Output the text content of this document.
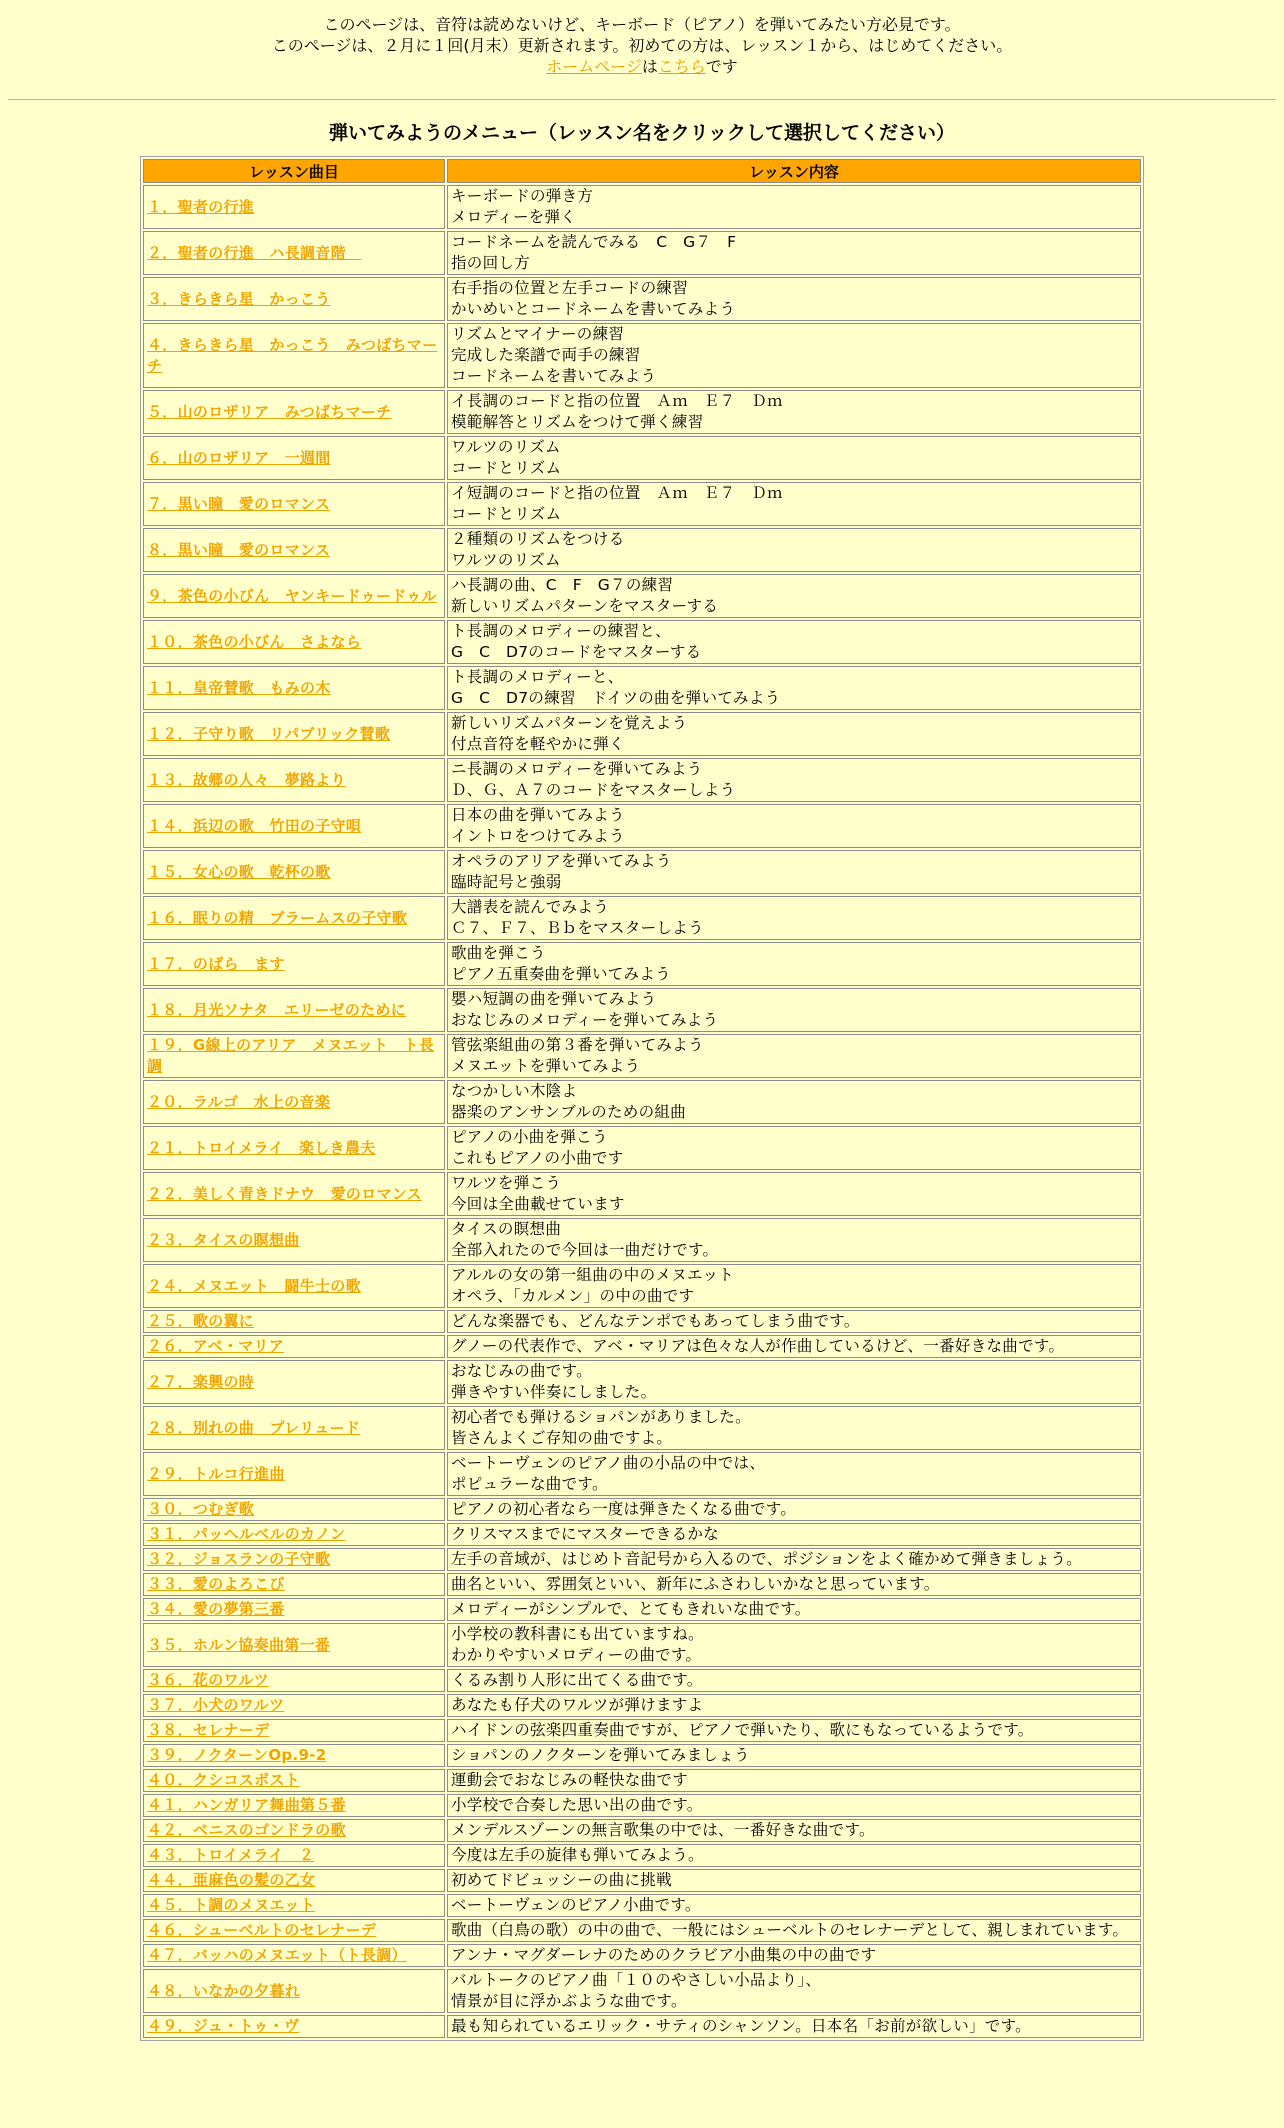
このページは、音符は読めないけど、キーボード（ピアノ）を弾いてみたい方必見です。
このページは、２月に１回(月末）更新されます。初めての方は、レッスン１から、はじめてください。
ホームページはこちらです
弾いてみようのメニュー（レッスン名をクリックして選択してください）
レッスン曲目	レッスン内容
１．聖者の行進	キーボードの弾き方
メロディーを弾く

２．聖者の行進　ハ長調音階　	コードネームを読んでみる　C　G７　F
指の回し方

３．きらきら星　かっこう	右手指の位置と左手コードの練習
かいめいとコードネームを書いてみよう

４．きらきら星　かっこう　みつばちマーチ	リズムとマイナーの練習
完成した楽譜で両手の練習
コードネームを書いてみよう

５．山のロザリア　みつばちマーチ	イ長調のコードと指の位置　Ａｍ　Ｅ７　Ｄｍ
模範解答とリズムをつけて弾く練習

６．山のロザリア　一週間	ワルツのリズム
コードとリズム

７．黒い瞳　愛のロマンス	イ短調のコードと指の位置　Ａｍ　Ｅ７　Ｄｍ
コードとリズム

８．黒い瞳　愛のロマンス	２種類のリズムをつける
ワルツのリズム

９．茶色の小びん　ヤンキードゥードゥル	ハ長調の曲、C　F　G７の練習
新しいリズムパターンをマスターする

１０．茶色の小びん　さよなら	ト長調のメロディーの練習と、
G　C　D7のコードをマスターする

１１．皇帝賛歌　もみの木	ト長調のメロディーと、
G　C　D7の練習　ドイツの曲を弾いてみよう

１２．子守り歌　リパブリック賛歌	新しいリズムパターンを覚えよう
付点音符を軽やかに弾く

１３．故郷の人々　夢路より	ニ長調のメロディーを弾いてみよう
Ｄ、Ｇ、Ａ７のコードをマスターしよう

１４．浜辺の歌　竹田の子守唄	日本の曲を弾いてみよう
イントロをつけてみよう

１５．女心の歌　乾杯の歌	オペラのアリアを弾いてみよう
臨時記号と強弱

１６．眠りの精　ブラームスの子守歌	大譜表を読んでみよう
Ｃ７、Ｆ７、Ｂｂをマスターしよう

１７．のばら　ます	歌曲を弾こう
ピアノ五重奏曲を弾いてみよう

１８．月光ソナタ　エリーゼのために	嬰ハ短調の曲を弾いてみよう
おなじみのメロディーを弾いてみよう

１９．G線上のアリア　メヌエット　ト長調	管弦楽組曲の第３番を弾いてみよう
メヌエットを弾いてみよう

２０．ラルゴ　水上の音楽	なつかしい木陰よ
器楽のアンサンブルのための組曲

２１．トロイメライ　楽しき農夫	ピアノの小曲を弾こう
これもピアノの小曲です

２２．美しく青きドナウ　愛のロマンス	ワルツを弾こう
今回は全曲載せています

２３．タイスの瞑想曲	タイスの瞑想曲
全部入れたので今回は一曲だけです。

２４．メヌエット　闘牛士の歌	アルルの女の第一組曲の中のメヌエット
オペラ、「カルメン」の中の曲です

２５．歌の翼に	どんな楽器でも、どんなテンポでもあってしまう曲です。

２６．アベ・マリア	グノーの代表作で、アベ・マリアは色々な人が作曲しているけど、一番好きな曲です。

２７．楽興の時	おなじみの曲です。
弾きやすい伴奏にしました。

２８．別れの曲　プレリュード	初心者でも弾けるショパンがありました。
皆さんよくご存知の曲ですよ。

２９．トルコ行進曲	ベートーヴェンのピアノ曲の小品の中では、
ポピュラーな曲です。

３０．つむぎ歌	ピアノの初心者なら一度は弾きたくなる曲です。

３１．パッヘルベルのカノン	クリスマスまでにマスターできるかな

３２．ジョスランの子守歌	左手の音域が、はじめト音記号から入るので、ポジションをよく確かめて弾きましょう。

３３．愛のよろこび	曲名といい、雰囲気といい、新年にふさわしいかなと思っています。

３４．愛の夢第三番	メロディーがシンプルで、とてもきれいな曲です。

３５．ホルン協奏曲第一番	小学校の教科書にも出ていますね。
わかりやすいメロディーの曲です。

３６．花のワルツ	くるみ割り人形に出てくる曲です。

３７．小犬のワルツ	あなたも仔犬のワルツが弾けますよ

３８．セレナーデ	ハイドンの弦楽四重奏曲ですが、ピアノで弾いたり、歌にもなっているようです。

３９．ノクターンOp.9-2	ショパンのノクターンを弾いてみましょう

４０．クシコスポスト	運動会でおなじみの軽快な曲です

４１．ハンガリア舞曲第５番	小学校で合奏した思い出の曲です。

４２．ベニスのゴンドラの歌	メンデルスゾーンの無言歌集の中では、一番好きな曲です。

４３．トロイメライ　２	今度は左手の旋律も弾いてみよう。

４４．亜麻色の髪の乙女	初めてドビュッシーの曲に挑戦

４５．ト調のメヌエット	ベートーヴェンのピアノ小曲です。

４６．シューベルトのセレナーデ	歌曲（白鳥の歌）の中の曲で、一般にはシューベルトのセレナーデとして、親しまれています。

４７．バッハのメヌエット（ト長調）	アンナ・マグダーレナのためのクラビア小曲集の中の曲です

４８．いなかの夕暮れ	バルトークのピアノ曲「１０のやさしい小品より」、
情景が目に浮かぶような曲です。

４９．ジュ・トゥ・ヴ	最も知られているエリック・サティのシャンソン。日本名「お前が欲しい」です。
